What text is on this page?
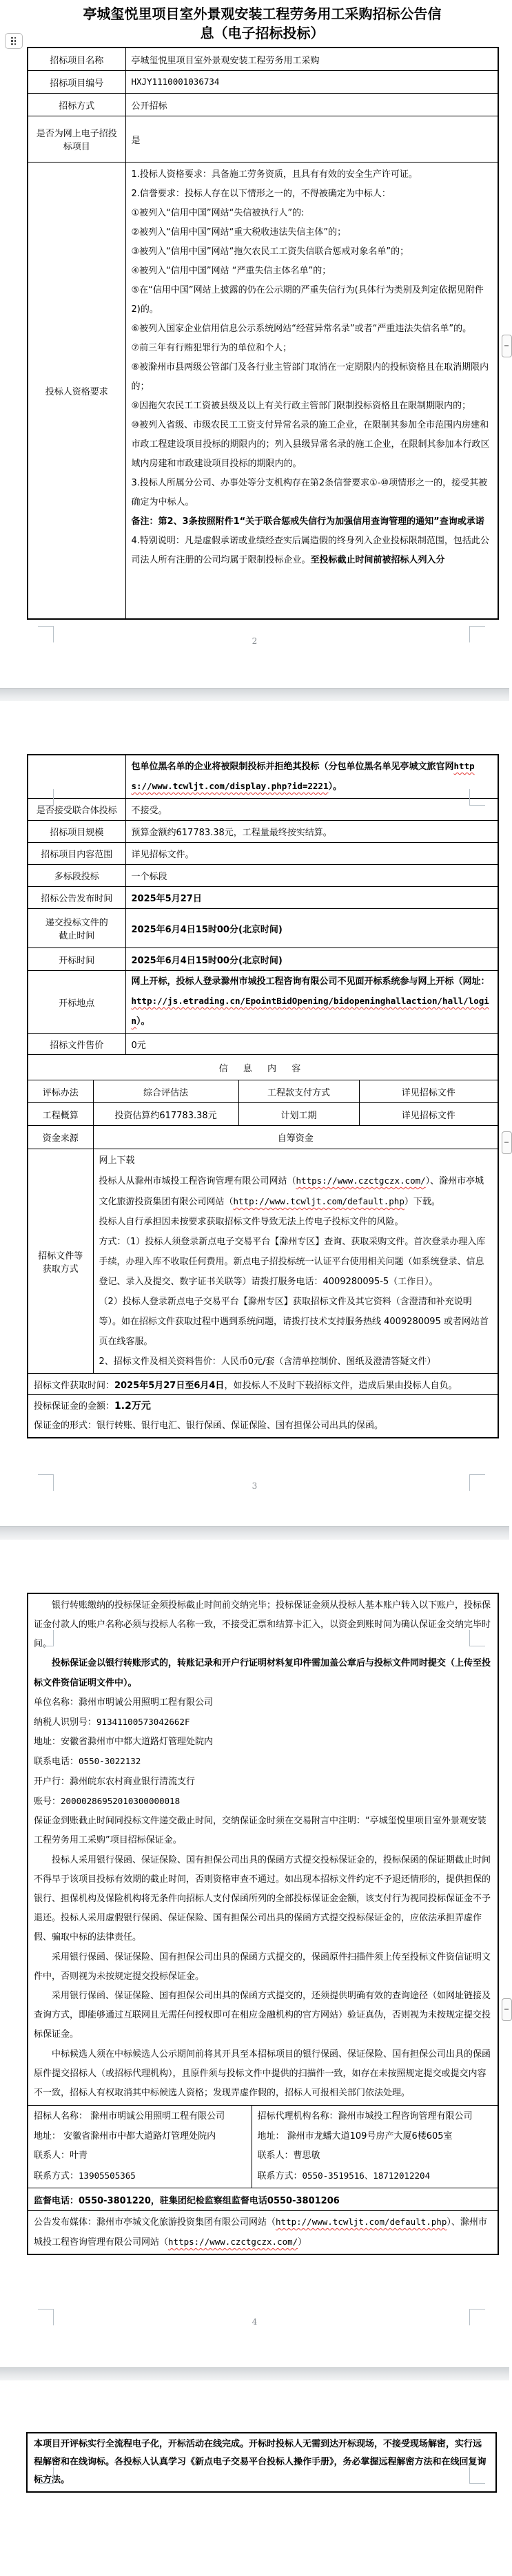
亭城玺悦里项目室外景观安装工程劳务用工采购招标公告信
息（电子招标投标）
招标项目名称	亭城玺悦里项目室外景观安装工程劳务用工采购
招标项目编号	HXJY1110001036734
招标方式	公开招标
是否为网上电子招投标项目	是
投标人资格要求	

1.投标人资格要求：具备施工劳务资质，且具有有效的安全生产许可证。

2.信誉要求：投标人存在以下情形之一的，不得被确定为中标人：

①被列入“信用中国”网站“失信被执行人”的:

②被列入“信用中国”网站“重大税收违法失信主体”的；

③被列入“信用中国”网站“拖欠农民工工资失信联合惩戒对象名单”的；

④被列入“信用中国”网站 “严重失信主体名单”的；

⑤在“信用中国”网站上披露的仍在公示期的严重失信行为(具体行为类别及判定依据见附件2)的。

⑥被列入国家企业信用信息公示系统网站“经营异常名录”或者“严重违法失信名单”的。

⑦前三年有行贿犯罪行为的单位和个人；

⑧被滁州市县两级公管部门及各行业主管部门取消在一定期限内的投标资格且在取消期限内的；

⑨因拖欠农民工工资被县级及以上有关行政主管部门限制投标资格且在限制期限内的；

⑩被列入省级、市级农民工工资支付异常名录的施工企业，在限制其参加全市范围内房建和市政工程建设项目投标的期限内的；列入县级异常名录的施工企业，在限制其参加本行政区域内房建和市政建设项目投标的期限内的。

3.投标人所属分公司、办事处等分支机构存在第2条信誉要求①-⑩项情形之一的，接受其被确定为中标人。

备注：第2、3条按照附件1“关于联合惩戒失信行为加强信用查询管理的通知”查询或承诺

4.特别说明：凡是虚假承诺或业绩经查实后属造假的终身列入企业投标限制范围，包括此公司法人所有注册的公司均属于限制投标企业。至投标截止时间前被招标人列入分

2

		包单位黑名单的企业将被限制投标并拒绝其投标（分包单位黑名单见亭城文旅官网https://www.tcwljt.com/display.php?id=2221）。		

是否接受联合体投标		不接受。		
招标项目规模		预算金额约617783.38元，工程量最终按实结算。		
招标项目内容范围		详见招标文件。		
多标段投标		一个标段		
招标公告发布时间		2025年5月27日		

递交投标文件的
截止时间		2025年6月4日15时00分(北京时间)		
开标时间		2025年6月4日15时00分(北京时间)		
开标地点		网上开标，投标人登录滁州市城投工程咨询有限公司不见面开标系统参与网上开标（网址：http://js.etrading.cn/EpointBidOpening/bidopeninghallaction/hall/login）。		

招标文件售价		0元		
信 息 内 容				
评标办法	综合评估法		工程款支付方式	详见招标文件
工程概算	投资估算约617783.38元		计划工期	详见招标文件
资金来源	自筹资金			

招标文件等
获取方式

网上下载

投标人从滁州市城投工程咨询管理有限公司网站（https://www.czctgczx.com/）、滁州市亭城文化旅游投资集团有限公司网站（http://www.tcwljt.com/default.php）下载。

投标人自行承担因未按要求获取招标文件导致无法上传电子投标文件的风险。

方式：（1）投标人须登录新点电子交易平台【滁州专区】查询、获取采购文件。首次登录办理入库手续，办理入库不收取任何费用。新点电子招投标统一认证平台使用相关问题（如系统登录、信息登记、录入及提交、数字证书关联等）请拨打服务电话：4009280095-5（工作日）。

（2）投标人登录新点电子交易平台【滁州专区】获取招标文件及其它资料（含澄清和补充说明等）。如在招标文件获取过程中遇到系统问题，请拨打技术支持服务热线 4009280095 或者网站首页在线客服。

2、招标文件及相关资料售价：人民币0元/套（含清单控制价、图纸及澄清答疑文件）

招标文件获取时间：2025年5月27日至6月4日，如投标人不及时下载招标文件，造成后果由投标人自负。				

投标保证金的金额：1.2万元

保证金的形式：银行转账、银行电汇、银行保函、保证保险、国有担保公司出具的保函。				

3

银行转账缴纳的投标保证金须投标截止时间前交纳完毕；投标保证金须从投标人基本账户转入以下账户，投标保证金付款人的账户名称必须与投标人名称一致，不接受汇票和结算卡汇入，以资金到账时间为确认保证金交纳完毕时间。

投标保证金以银行转账形式的，转账记录和开户行证明材料复印件需加盖公章后与投标文件同时提交（上传至投标文件资信证明文件中）。

单位名称：滁州市明诚公用照明工程有限公司

纳税人识别号：91341100573042662F

地址：安徽省滁州市中都大道路灯管理处院内

联系电话：0550-3022132

开户行：滁州皖东农村商业银行清流支行

账号：20000286952010300000018

保证金到账截止时间同投标文件递交截止时间，交纳保证金时须在交易附言中注明：“亭城玺悦里项目室外景观安装工程劳务用工采购”项目招标保证金。

投标人采用银行保函、保证保险、国有担保公司出具的保函方式提交投标保证金的，投标保函的保证期截止时间不得早于该项目投标有效期的截止时间，否则资格审查不通过。如出现本招标文件约定不予退还情形的，提供担保的银行、担保机构及保险机构将无条件向招标人支付保函所列的全部投标保证金金额，该支付行为视同投标保证金不予退还。投标人采用虚假银行保函、保证保险、国有担保公司出具的保函方式提交投标保证金的，应依法承担弄虚作假、骗取中标的法律责任。

采用银行保函、保证保险、国有担保公司出具的保函方式提交的，保函原件扫描件须上传至投标文件资信证明文件中，否则视为未按规定提交投标保证金。

采用银行保函、保证保险、国有担保公司出具的保函方式提交的，还须提供明确有效的查询途径（如网址链接及查询方式，即能够通过互联网且无需任何授权即可在相应金融机构的官方网站）验证真伪，否则视为未按规定提交投标保证金。

中标候选人须在中标候选人公示期间前将其开具至本招标项目的银行保函、保证保险、国有担保公司出具的保函原件提交招标人（或招标代理机构），且原件须与投标文件中提供的扫描件一致，如存在未按照规定提交或提交内容不一致，招标人有权取消其中标候选人资格；发现弄虚作假的，招标人可报相关部门依法处理。

招标人名称： 滁州市明诚公用照明工程有限公司

地址： 安徽省滁州市中都大道路灯管理处院内

联系人：叶青

联系方式：13905505365

招标代理机构名称：滁州市城投工程咨询管理有限公司

地址： 滁州市龙蟠大道109号房产大厦6楼605室

联系人：曹思敏

联系方式：0550-3519516、18712012204

监督电话：0550-3801220，驻集团纪检监察组监督电话0550-3801206

公告发布媒体：滁州市亭城文化旅游投资集团有限公司网站（http://www.tcwljt.com/default.php）、滁州市城投工程咨询管理有限公司网站（https://www.czctgczx.com/）

4

本项目开评标实行全流程电子化，开标活动在线完成。开标时投标人无需到达开标现场，不接受现场解密，实行远程解密和在线询标。各投标人认真学习《新点电子交易平台投标人操作手册》，务必掌握远程解密方法和在线回复询标方法。
